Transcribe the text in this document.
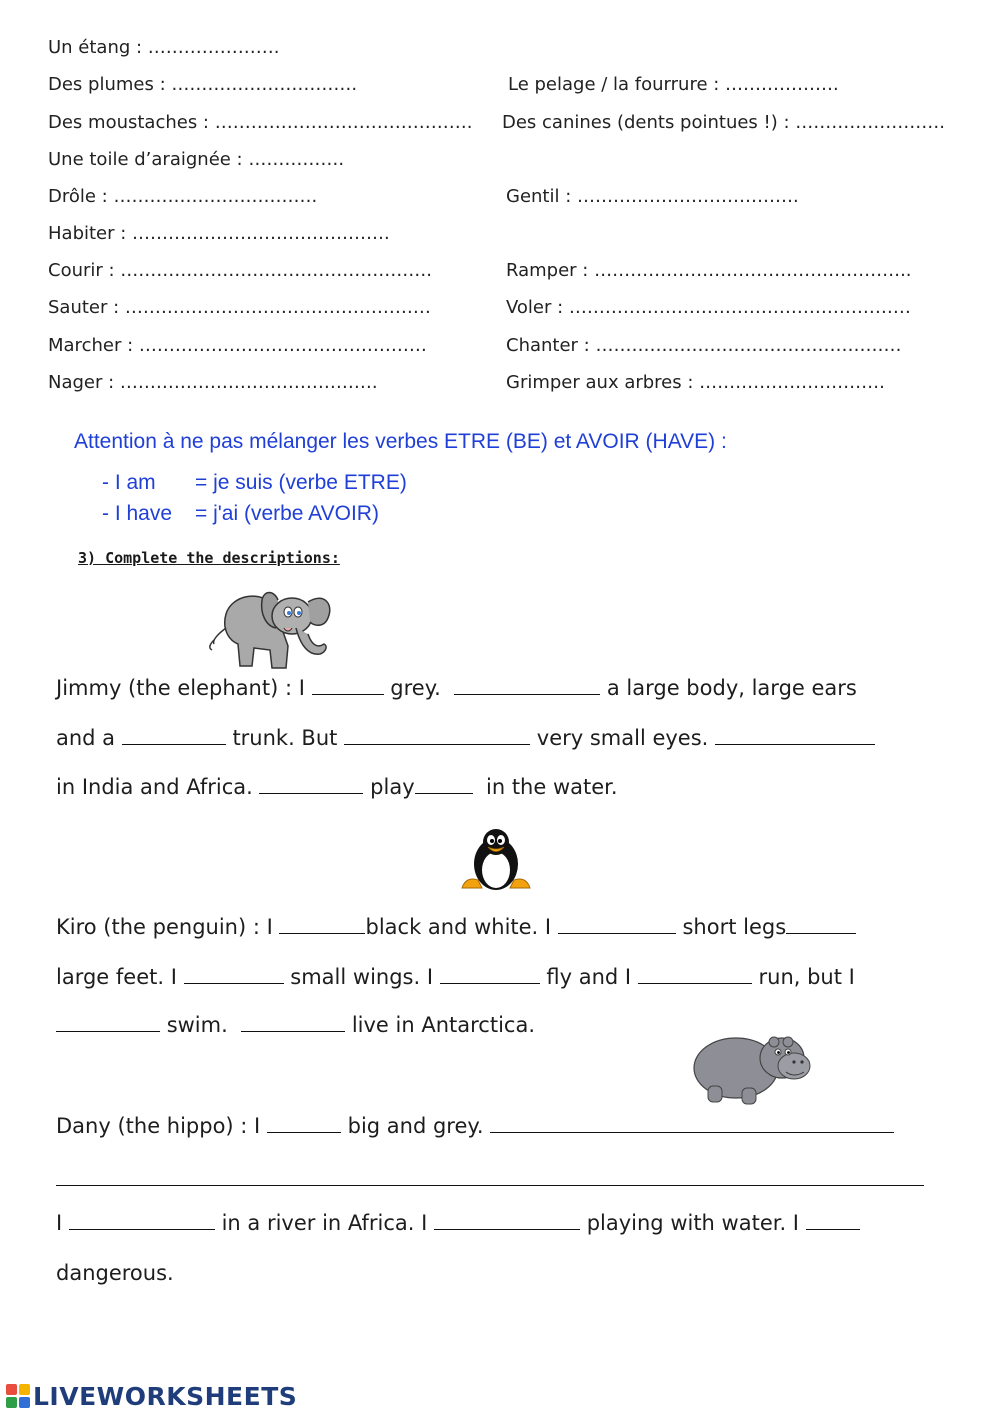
Un étang : ………………….
Des plumes : ………………………….	Le pelage / la fourrure : ……………….
Des moustaches : ……………………………………. Des canines (dents pointues !) : …………………….
Une toile d’araignée : …………….
Drôle : …………………………….	Gentil : ……………………………….
Habiter : …………………………………….
Courir : …………………………………………….	Ramper : ……………………………………………..
Sauter : ……………………………………………	Voler : …………………………………………………
Marcher : …………………………………………	Chanter : ……………………………………………
Nager : …………………………………….	Grimper aux arbres : ………………………….
Attention à ne pas mélanger les verbes ETRE (BE) et AVOIR (HAVE) :
- I am = je suis (verbe ETRE)
- I have = j'ai (verbe AVOIR)
3) Complete the descriptions:
Jimmy (the elephant) : I	grey.	a large body, large ears
and a	trunk. But	very small eyes.
in India and Africa.	play	in the water.
Kiro (the penguin) : I	black and white. I	short legs
large feet. I	small wings. I	fly and I	run, but I
swim.	live in Antarctica.
Dany (the hippo) : I	big and grey.
I	in a river in Africa. I	playing with water. I
dangerous.
LIVEWORKSHEETS
